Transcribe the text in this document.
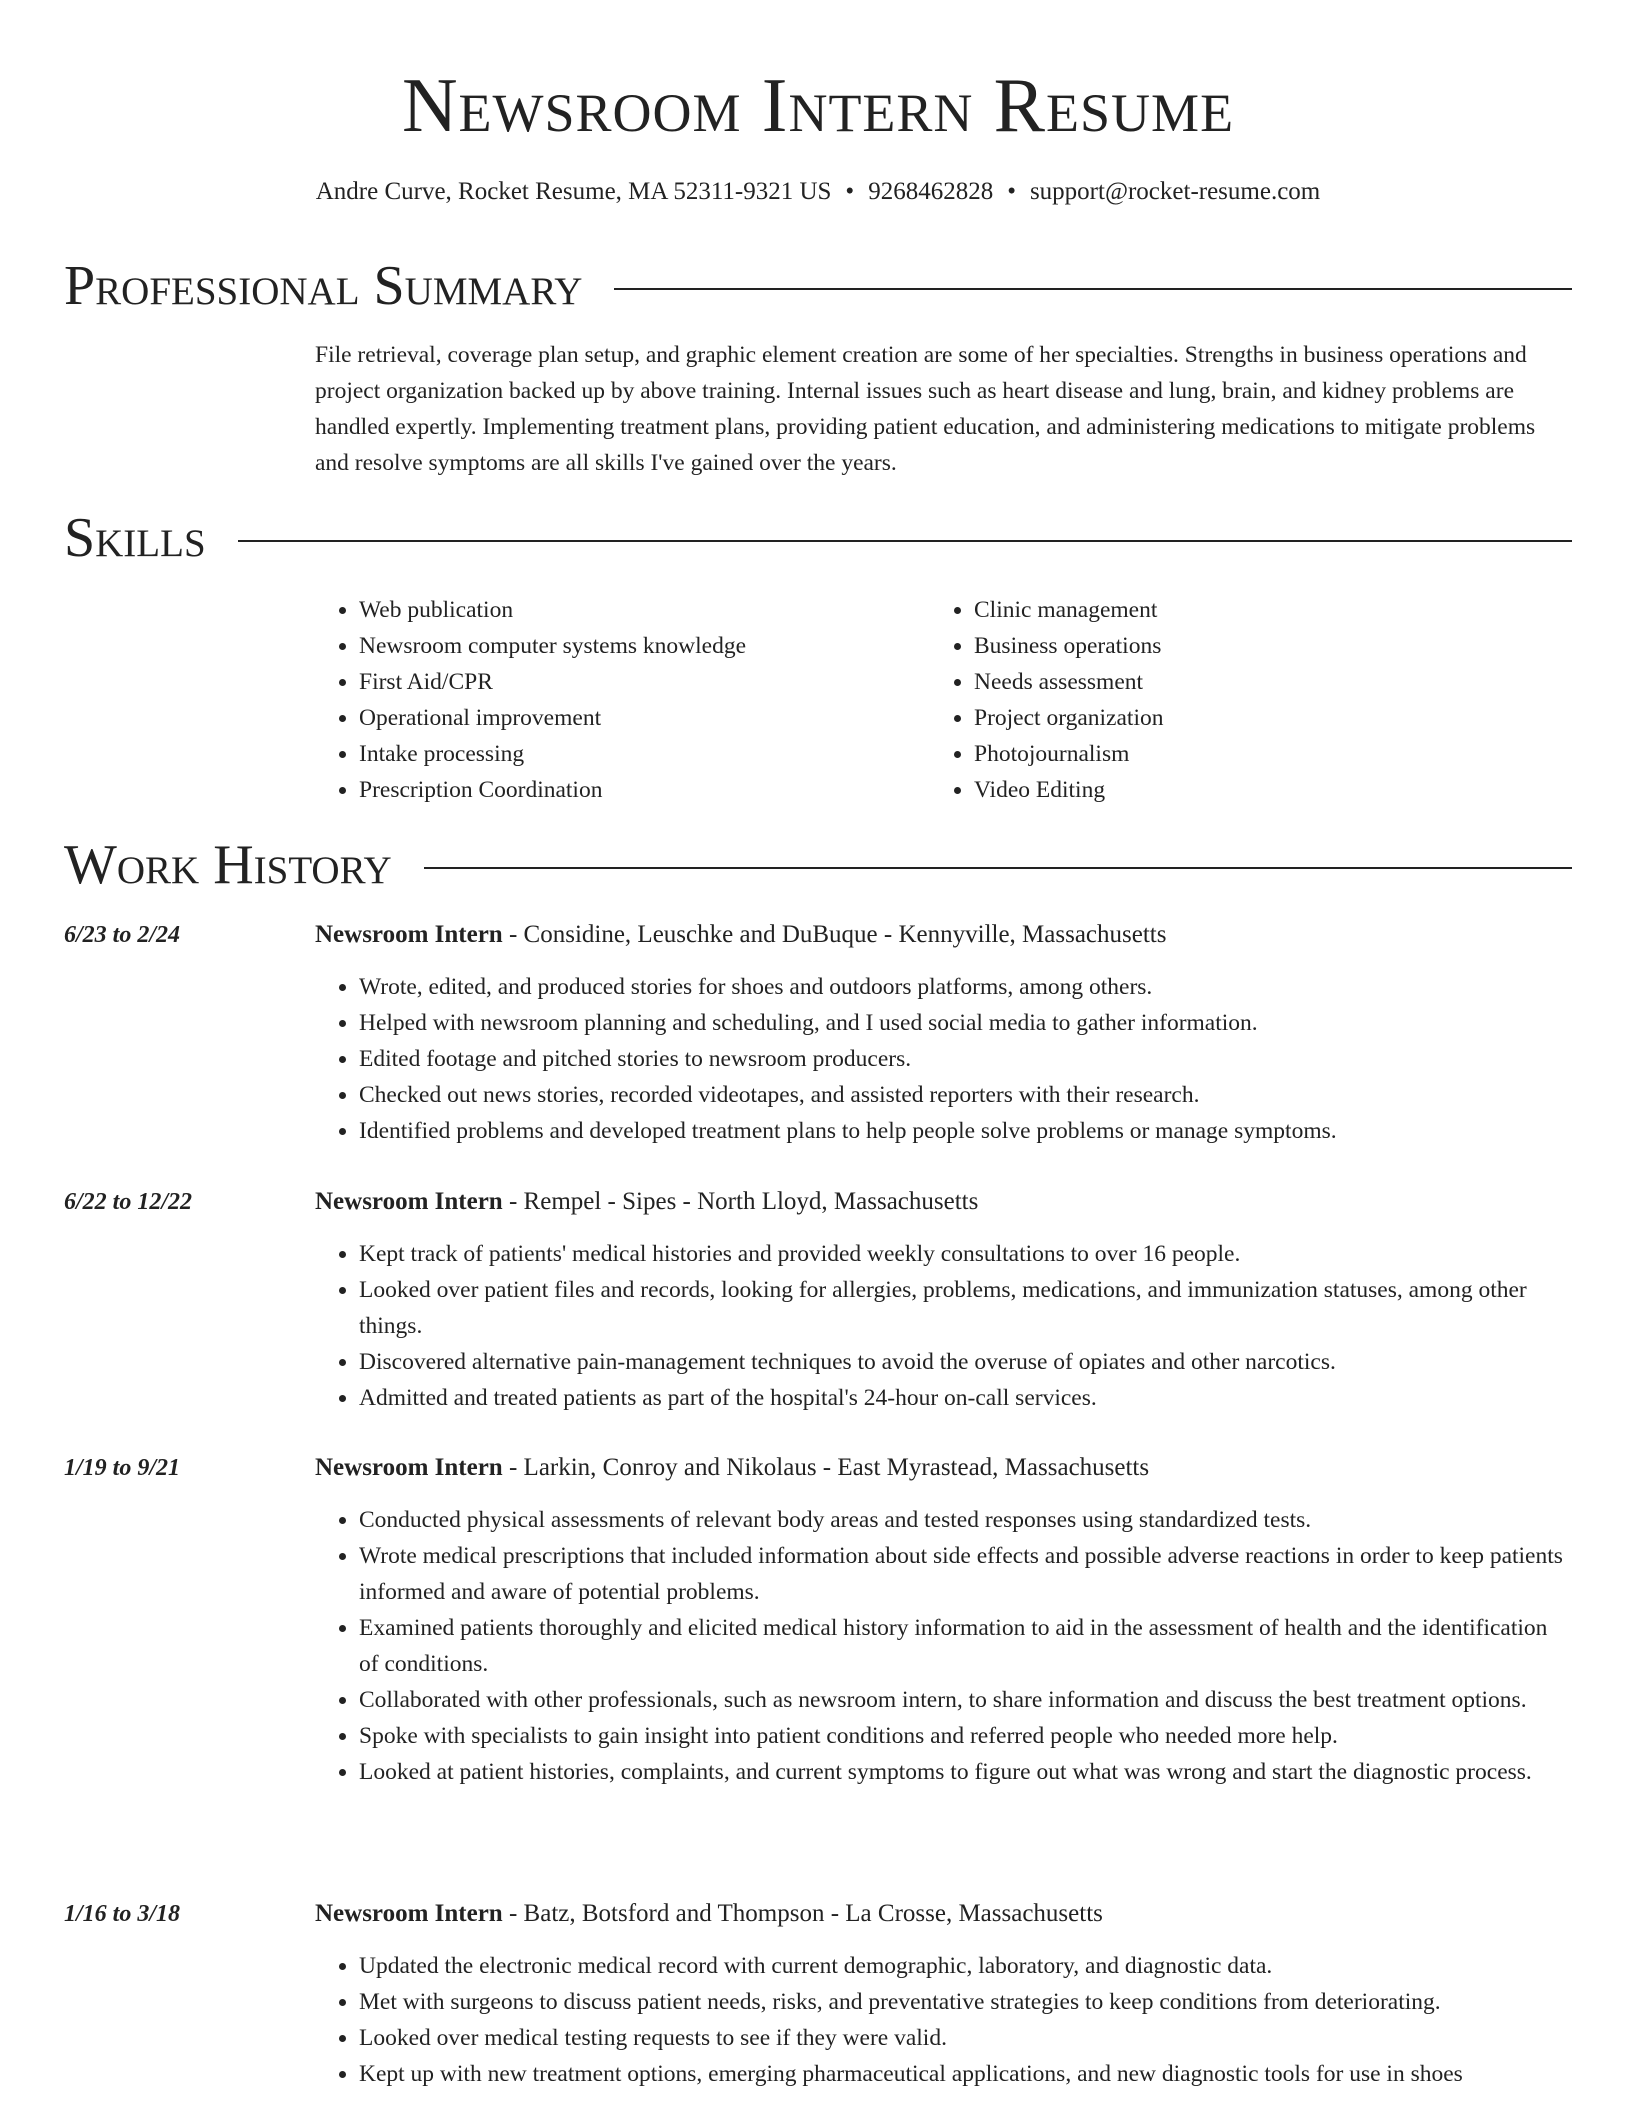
Newsroom Intern Resume
Andre Curve, Rocket Resume, MA 52311-9321 US • 9268462828 • support@rocket-resume.com
Professional Summary

File retrieval, coverage plan setup, and graphic element creation are some of her specialties. Strengths in business operations and project organization backed up by above training. Internal issues such as heart disease and lung, brain, and kidney problems are handled expertly. Implementing treatment plans, providing patient education, and administering medications to mitigate problems and resolve symptoms are all skills I've gained over the years.

Skills
• Web publication
• Newsroom computer systems knowledge
• First Aid/CPR
• Operational improvement
• Intake processing
• Prescription Coordination
• Clinic management
• Business operations
• Needs assessment
• Project organization
• Photojournalism
• Video Editing
Work History
6/23 to 2/24	Newsroom Intern - Considine, Leuschke and DuBuque - Kennyville, Massachusetts
• Wrote, edited, and produced stories for shoes and outdoors platforms, among others.
• Helped with newsroom planning and scheduling, and I used social media to gather information.
• Edited footage and pitched stories to newsroom producers.
• Checked out news stories, recorded videotapes, and assisted reporters with their research.
• Identified problems and developed treatment plans to help people solve problems or manage symptoms.
6/22 to 12/22	Newsroom Intern - Rempel - Sipes - North Lloyd, Massachusetts
• Kept track of patients' medical histories and provided weekly consultations to over 16 people.
• Looked over patient files and records, looking for allergies, problems, medications, and immunization statuses, among other things.
• Discovered alternative pain-management techniques to avoid the overuse of opiates and other narcotics.
• Admitted and treated patients as part of the hospital's 24-hour on-call services.
1/19 to 9/21	Newsroom Intern - Larkin, Conroy and Nikolaus - East Myrastead, Massachusetts
• Conducted physical assessments of relevant body areas and tested responses using standardized tests.
• Wrote medical prescriptions that included information about side effects and possible adverse reactions in order to keep patients informed and aware of potential problems.
• Examined patients thoroughly and elicited medical history information to aid in the assessment of health and the identification of conditions.
• Collaborated with other professionals, such as newsroom intern, to share information and discuss the best treatment options.
• Spoke with specialists to gain insight into patient conditions and referred people who needed more help.
• Looked at patient histories, complaints, and current symptoms to figure out what was wrong and start the diagnostic process.
1/16 to 3/18	Newsroom Intern - Batz, Botsford and Thompson - La Crosse, Massachusetts
• Updated the electronic medical record with current demographic, laboratory, and diagnostic data.
• Met with surgeons to discuss patient needs, risks, and preventative strategies to keep conditions from deteriorating.
• Looked over medical testing requests to see if they were valid.
• Kept up with new treatment options, emerging pharmaceutical applications, and new diagnostic tools for use in shoes
